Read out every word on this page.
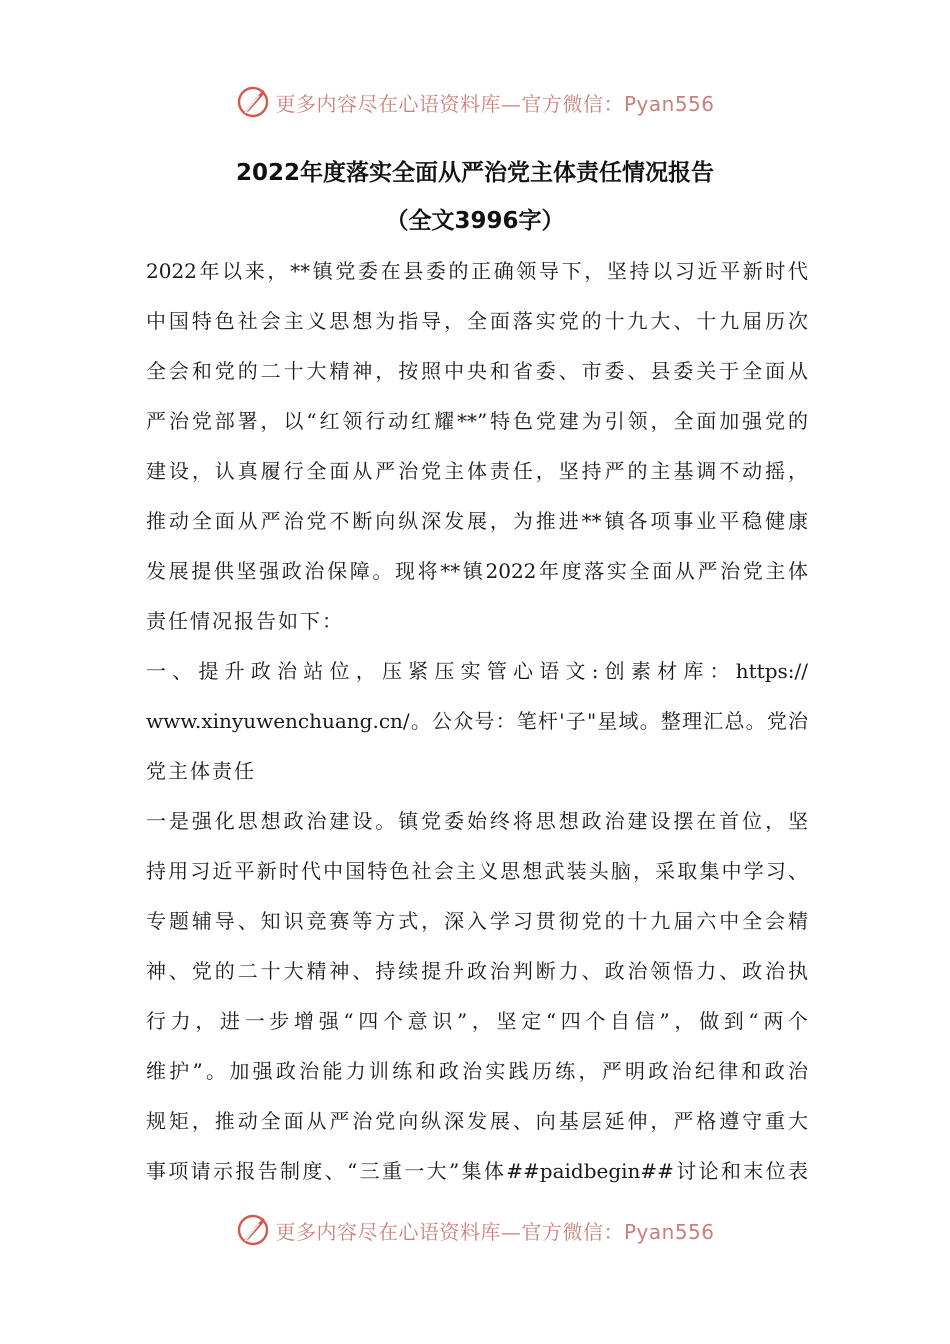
更多内容尽在心语资料库—官方微信：Pyan556
2022年度落实全面从严治党主体责任情况报告
（全文3996字）
2022年以来，**镇党委在县委的正确领导下，坚持以习近平新时代
中国特色社会主义思想为指导，全面落实党的十九大、十九届历次
全会和党的二十大精神，按照中央和省委、市委、县委关于全面从
严治党部署，以“红领行动红耀**”特色党建为引领，全面加强党的
建设，认真履行全面从严治党主体责任，坚持严的主基调不动摇，
推动全面从严治党不断向纵深发展，为推进**镇各项事业平稳健康
发展提供坚强政治保障。现将**镇2022年度落实全面从严治党主体
责任情况报告如下：
一、提升政治站位，压紧压实管心语文:创素材库：https://
www.xinyuwenchuang.cn/。公众号：笔杆'子"星域。整理汇总。党治
党主体责任
一是强化思想政治建设。镇党委始终将思想政治建设摆在首位，坚
持用习近平新时代中国特色社会主义思想武装头脑，采取集中学习、
专题辅导、知识竞赛等方式，深入学习贯彻党的十九届六中全会精
神、党的二十大精神、持续提升政治判断力、政治领悟力、政治执
行力，进一步增强“四个意识”，坚定“四个自信”，做到“两个
维护”。加强政治能力训练和政治实践历练，严明政治纪律和政治
规矩，推动全面从严治党向纵深发展、向基层延伸，严格遵守重大
事项请示报告制度、“三重一大”集体##paidbegin##讨论和末位表
更多内容尽在心语资料库—官方微信：Pyan556
